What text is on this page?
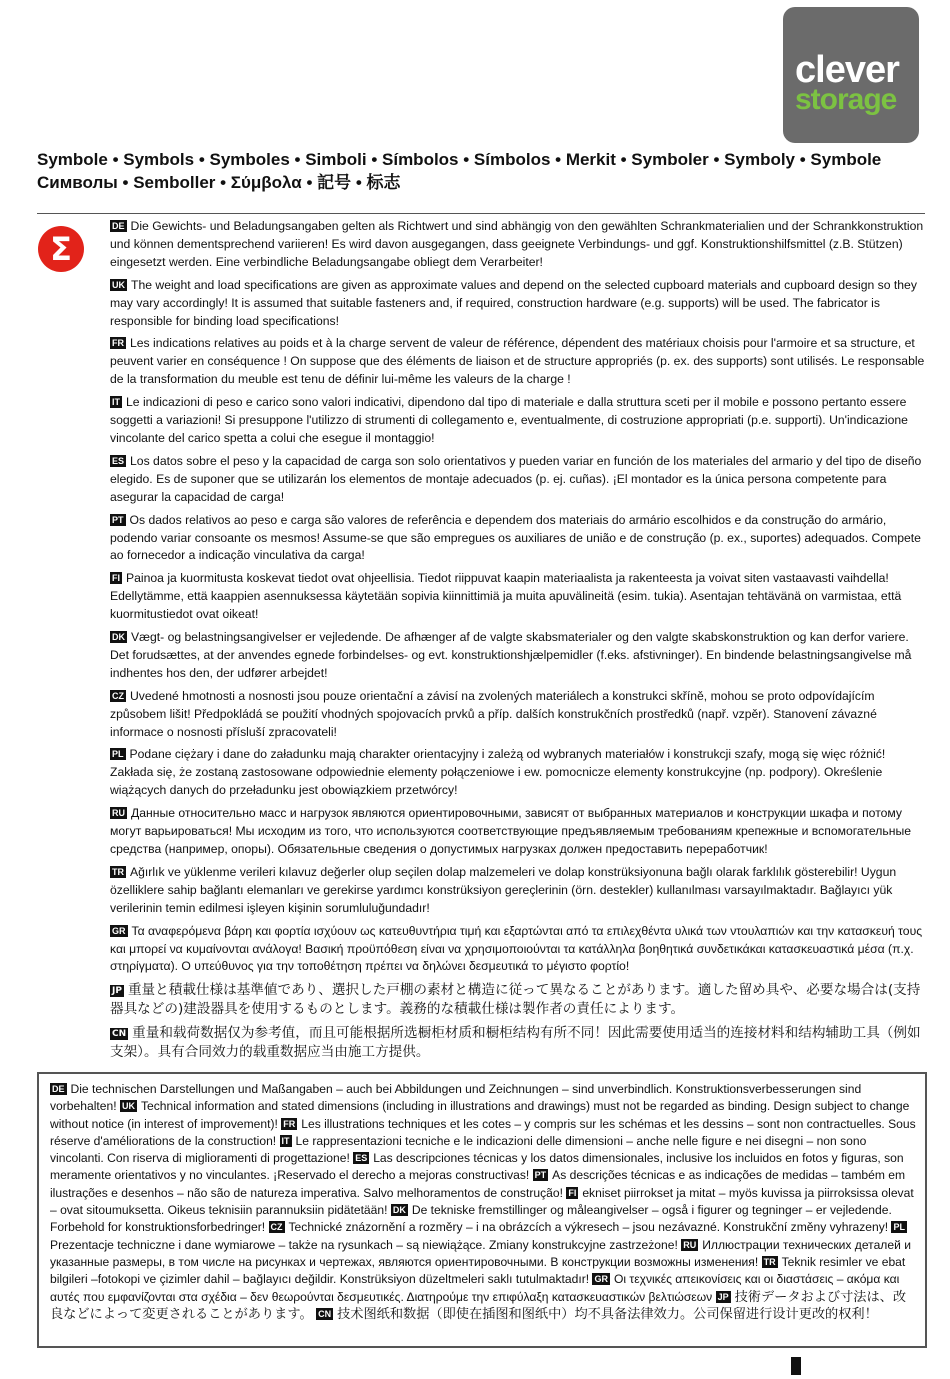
clever
storage
Symbole • Symbols • Symboles • Simboli • Símbolos • Símbolos • Merkit • Symboler • Symboly • Symbole
Символы • Semboller • Σύμβολα • 記号 • 标志
Σ
DE Die Gewichts- und Beladungsangaben gelten als Richtwert und sind abhängig von den gewählten Schrankmaterialien und der Schrankkonstruktion und können dementsprechend variieren! Es wird davon ausgegangen, dass geeignete Verbindungs- und ggf. Konstruktionshilfsmittel (z.B. Stützen) eingesetzt werden. Eine verbindliche Beladungsangabe obliegt dem Verarbeiter!
UK The weight and load specifications are given as approximate values and depend on the selected cupboard materials and cupboard design so they may vary accordingly! It is assumed that suitable fasteners and, if required, construction hardware (e.g. supports) will be used. The fabricator is responsible for binding load specifications!
FR Les indications relatives au poids et à la charge servent de valeur de référence, dépendent des matériaux choisis pour l'armoire et sa structure, et peuvent varier en conséquence ! On suppose que des éléments de liaison et de structure appropriés (p. ex. des supports) sont utilisés. Le responsable de la transformation du meuble est tenu de définir lui-même les valeurs de la charge !
IT Le indicazioni di peso e carico sono valori indicativi, dipendono dal tipo di materiale e dalla struttura sceti per il mobile e possono pertanto essere soggetti a variazioni! Si presuppone l'utilizzo di strumenti di collegamento e, eventualmente, di costruzione appropriati (p.e. supporti). Un'indicazione vincolante del carico spetta a colui che esegue il montaggio!
ES Los datos sobre el peso y la capacidad de carga son solo orientativos y pueden variar en función de los materiales del armario y del tipo de diseño elegido. Es de suponer que se utilizarán los elementos de montaje adecuados (p. ej. cuñas). ¡El montador es la única persona competente para asegurar la capacidad de carga!
PT Os dados relativos ao peso e carga são valores de referência e dependem dos materiais do armário escolhidos e da construção do armário, podendo variar consoante os mesmos! Assume-se que são empregues os auxiliares de união e de construção (p. ex., suportes) adequados. Compete ao fornecedor a indicação vinculativa da carga!
FI Painoa ja kuormitusta koskevat tiedot ovat ohjeellisia. Tiedot riippuvat kaapin materiaalista ja rakenteesta ja voivat siten vastaavasti vaihdella! Edellytämme, että kaappien asennuksessa käytetään sopivia kiinnittimiä ja muita apuvälineitä (esim. tukia). Asentajan tehtävänä on varmistaa, että kuormitustiedot ovat oikeat!
DK Vægt- og belastningsangivelser er vejledende. De afhænger af de valgte skabsmaterialer og den valgte skabskonstruktion og kan derfor variere. Det forudsættes, at der anvendes egnede forbindelses- og evt. konstruktionshjælpemidler (f.eks. afstivninger). En bindende belastningsangivelse må indhentes hos den, der udfører arbejdet!
CZ Uvedené hmotnosti a nosnosti jsou pouze orientační a závisí na zvolených materiálech a konstrukci skříně, mohou se proto odpovídajícím způsobem lišit! Předpokládá se použití vhodných spojovacích prvků a příp. dalších konstrukčních prostředků (např. vzpěr). Stanovení závazné informace o nosnosti přísluší zpracovateli!
PL Podane ciężary i dane do załadunku mają charakter orientacyjny i zależą od wybranych materiałów i konstrukcji szafy, mogą się więc różnić! Zakłada się, że zostaną zastosowane odpowiednie elementy połączeniowe i ew. pomocnicze elementy konstrukcyjne (np. podpory). Określenie wiążących danych do przeładunku jest obowiązkiem przetwórcy!
RU Данные относительно масс и нагрузок являются ориентировочными, зависят от выбранных материалов и конструкции шкафа и потому могут варьироваться! Мы исходим из того, что используются соответствующие предъявляемым требованиям крепежные и вспомогательные средства (например, опоры). Обязательные сведения о допустимых нагрузках должен предоставить переработчик!
TR Ağırlık ve yüklenme verileri kılavuz değerler olup seçilen dolap malzemeleri ve dolap konstrüksiyonuna bağlı olarak farklılık gösterebilir! Uygun özelliklere sahip bağlantı elemanları ve gerekirse yardımcı konstrüksiyon gereçlerinin (örn. destekler) kullanılması varsayılmaktadır. Bağlayıcı yük verilerinin temin edilmesi işleyen kişinin sorumluluğundadır!
GR Τα αναφερόμενα βάρη και φορτία ισχύουν ως κατευθυντήρια τιμή και εξαρτώνται από τα επιλεχθέντα υλικά των ντουλαπιών και την κατασκευή τους και μπορεί να κυμαίνονται ανάλογα! Βασική προϋπόθεση είναι να χρησιμοποιούνται τα κατάλληλα βοηθητικά συνδετικάκαι κατασκευαστικά μέσα (π.χ. στηρίγματα). Ο υπεύθυνος για την τοποθέτηση πρέπει να δηλώνει δεσμευτικά το μέγιστο φορτίο!
JP 重量と積載仕様は基準値であり、選択した戸棚の素材と構造に従って異なることがあります。適した留め具や、必要な場合は(支持器具などの)建設器具を使用するものとします。義務的な積載仕様は製作者の責任によります。
CN 重量和载荷数据仅为参考值，而且可能根据所选橱柜材质和橱柜结构有所不同！因此需要使用适当的连接材料和结构辅助工具（例如支架）。具有合同效力的载重数据应当由施工方提供。
DE Die technischen Darstellungen und Maßangaben – auch bei Abbildungen und Zeichnungen – sind unverbindlich. Konstruktionsverbesserungen sind vorbehalten! UK Technical information and stated dimensions (including in illustrations and drawings) must not be regarded as binding. Design subject to change without notice (in interest of improvement)! FR Les illustrations techniques et les cotes – y compris sur les schémas et les dessins – sont non contractuelles. Sous réserve d'améliorations de la construction! IT Le rappresentazioni tecniche e le indicazioni delle dimensioni – anche nelle figure e nei disegni – non sono vincolanti. Con riserva di miglioramenti di progettazione! ES Las descripciones técnicas y los datos dimensionales, inclusive los incluidos en fotos y figuras, son meramente orientativos y no vinculantes. ¡Reservado el derecho a mejoras constructivas! PT As descrições técnicas e as indicações de medidas – também em ilustrações e desenhos – não são de natureza imperativa. Salvo melhoramentos de construção! FI ekniset piirrokset ja mitat – myös kuvissa ja piirroksissa olevat – ovat sitoumuksetta. Oikeus teknisiin parannuksiin pidätetään! DK De tekniske fremstillinger og måleangivelser – også i figurer og tegninger – er vejledende. Forbehold for konstruktionsforbedringer! CZ Technické znázornění a rozměry – i na obrázcích a výkresech – jsou nezávazné. Konstrukční změny vyhrazeny! PLPrezentacje techniczne i dane wymiarowe – także na rysunkach – są niewiążące. Zmiany konstrukcyjne zastrzeżone! RU Иллюстрации технических деталей и указанные размеры, в том числе на рисунках и чертежах, являются ориентировочными. В конструкции возможны изменения! TR Teknik resimler ve ebat bilgileri –fotokopi ve çizimler dahil – bağlayıcı değildir. Konstrüksiyon düzeltmeleri saklı tutulmaktadır! GR Οι τεχνικές απεικονίσεις και οι διαστάσεις – ακόμα και αυτές που εμφανίζονται στα σχέδια – δεν θεωρούνται δεσμευτικές. Διατηρούμε την επιφύλαξη κατασκευαστικών βελτιώσεων JP 技術データおよび寸法は、改良などによって変更されることがあります。 CN 技术图纸和数据（即使在插图和图纸中）均不具备法律效力。公司保留进行设计更改的权利！
